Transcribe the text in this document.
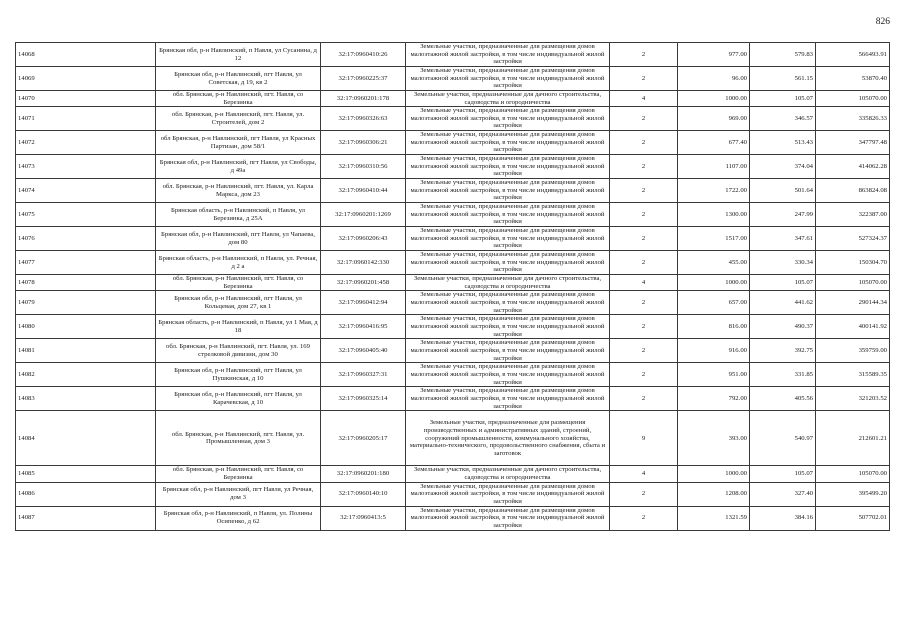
826
14068	Брянская обл, р-н Навлинский, п Навля, ул Сусанина, д 12	32:17:0960410:26	Земельные участки, предназначенные для размещения домов малоэтажной жилой застройки, в том числе индивидуальной жилой застройки	2	977.00	579.83	566493.91
14069	Брянская обл, р-н Навлинский, пгт Навля, ул Советская, д 19, кв 2	32:17:0960225:37	Земельные участки, предназначенные для размещения домов малоэтажной жилой застройки, в том числе индивидуальной жилой застройки	2	96.00	561.15	53870.40
14070	обл. Брянская, р-н Навлинский, пгт. Навля, со Березинка	32:17:0960201:178	Земельные участки, предназначенные для дачного строительства, садоводства и огородничества	4	1000.00	105.07	105070.00
14071	обл. Брянская, р-н Навлинский, пгт. Навля, ул. Строителей, дом 2	32:17:0960326:63	Земельные участки, предназначенные для размещения домов малоэтажной жилой застройки, в том числе индивидуальной жилой застройки	2	969.00	346.57	335826.33
14072	обл Брянская, р-н Навлинский, пгт Навля, ул Красных Партизан, дом 58/1	32:17:0960306:21	Земельные участки, предназначенные для размещения домов малоэтажной жилой застройки, в том числе индивидуальной жилой застройки	2	677.40	513.43	347797.48
14073	Брянская обл, р-н Навлинский, пгт Навля, ул Свободы, д 49а	32:17:0960310:56	Земельные участки, предназначенные для размещения домов малоэтажной жилой застройки, в том числе индивидуальной жилой застройки	2	1107.00	374.04	414062.28
14074	обл. Брянская, р-н Навлинский, пгт. Навля, ул. Карла Маркса, дом 23	32:17:0960410:44	Земельные участки, предназначенные для размещения домов малоэтажной жилой застройки, в том числе индивидуальной жилой застройки	2	1722.00	501.64	863824.08
14075	Брянская область, р-н Навлинский, п Навля, ул Березинка, д 25А	32:17:0960201:1269	Земельные участки, предназначенные для размещения домов малоэтажной жилой застройки, в том числе индивидуальной жилой застройки	2	1300.00	247.99	322387.00
14076	Брянская обл, р-н Навлинский, пгт Навля, ул Чапаева, дом 80	32:17:0960206:43	Земельные участки, предназначенные для размещения домов малоэтажной жилой застройки, в том числе индивидуальной жилой застройки	2	1517.00	347.61	527324.37
14077	Брянская область, р-н Навлинский, п Навля, ул. Речная, д 2 а	32:17:0960142:330	Земельные участки, предназначенные для размещения домов малоэтажной жилой застройки, в том числе индивидуальной жилой застройки	2	455.00	330.34	150304.70
14078	обл. Брянская, р-н Навлинский, пгт. Навля, со Березинка	32:17:0960201:458	Земельные участки, предназначенные для дачного строительства, садоводства и огородничества	4	1000.00	105.07	105070.00
14079	Брянская обл, р-н Навлинский, пгт Навля, ул Кольцевая, дом 27, кв 1	32:17:0960412:94	Земельные участки, предназначенные для размещения домов малоэтажной жилой застройки, в том числе индивидуальной жилой застройки	2	657.00	441.62	290144.34
14080	Брянская область, р-н Навлинский, п Навля, ул 1 Мая, д 18	32:17:0960416:95	Земельные участки, предназначенные для размещения домов малоэтажной жилой застройки, в том числе индивидуальной жилой застройки	2	816.00	490.37	400141.92
14081	обл. Брянская, р-н Навлинский, пгт. Навля, ул. 169 стрелковой дивизии, дом 30	32:17:0960405:40	Земельные участки, предназначенные для размещения домов малоэтажной жилой застройки, в том числе индивидуальной жилой застройки	2	916.00	392.75	359759.00
14082	Брянская обл, р-н Навлинский, пгт Навля, ул Пушкинская, д 10	32:17:0960327:31	Земельные участки, предназначенные для размещения домов малоэтажной жилой застройки, в том числе индивидуальной жилой застройки	2	951.00	331.85	315589.35
14083	Брянская обл, р-н Навлинский, пгт Навля, ул Карачевская, д 10	32:17:0960325:14	Земельные участки, предназначенные для размещения домов малоэтажной жилой застройки, в том числе индивидуальной жилой застройки	2	792.00	405.56	321203.52
14084	обл. Брянская, р-н Навлинский, пгт. Навля, ул. Промышленная, дом 3	32:17:0960205:17	Земельные участки, предназначенные для размещения производственных и административных зданий, строений, сооружений промышленности, коммунального хозяйства, материально-технического, продовольственного снабжения, сбыта и заготовок	9	393.00	540.97	212601.21
14085	обл. Брянская, р-н Навлинский, пгт. Навля, со Березинка	32:17:0960201:180	Земельные участки, предназначенные для дачного строительства, садоводства и огородничества	4	1000.00	105.07	105070.00
14086	Брянская обл, р-н Навлинский, пгт Навля, ул Речная, дом 3	32:17:0960140:10	Земельные участки, предназначенные для размещения домов малоэтажной жилой застройки, в том числе индивидуальной жилой застройки	2	1208.00	327.40	395499.20
14087	Брянская обл, р-н Навлинский, п Навля, ул. Полины Осипенко, д 62	32:17:0960413:5	Земельные участки, предназначенные для размещения домов малоэтажной жилой застройки, в том числе индивидуальной жилой застройки	2	1321.59	384.16	507702.01
